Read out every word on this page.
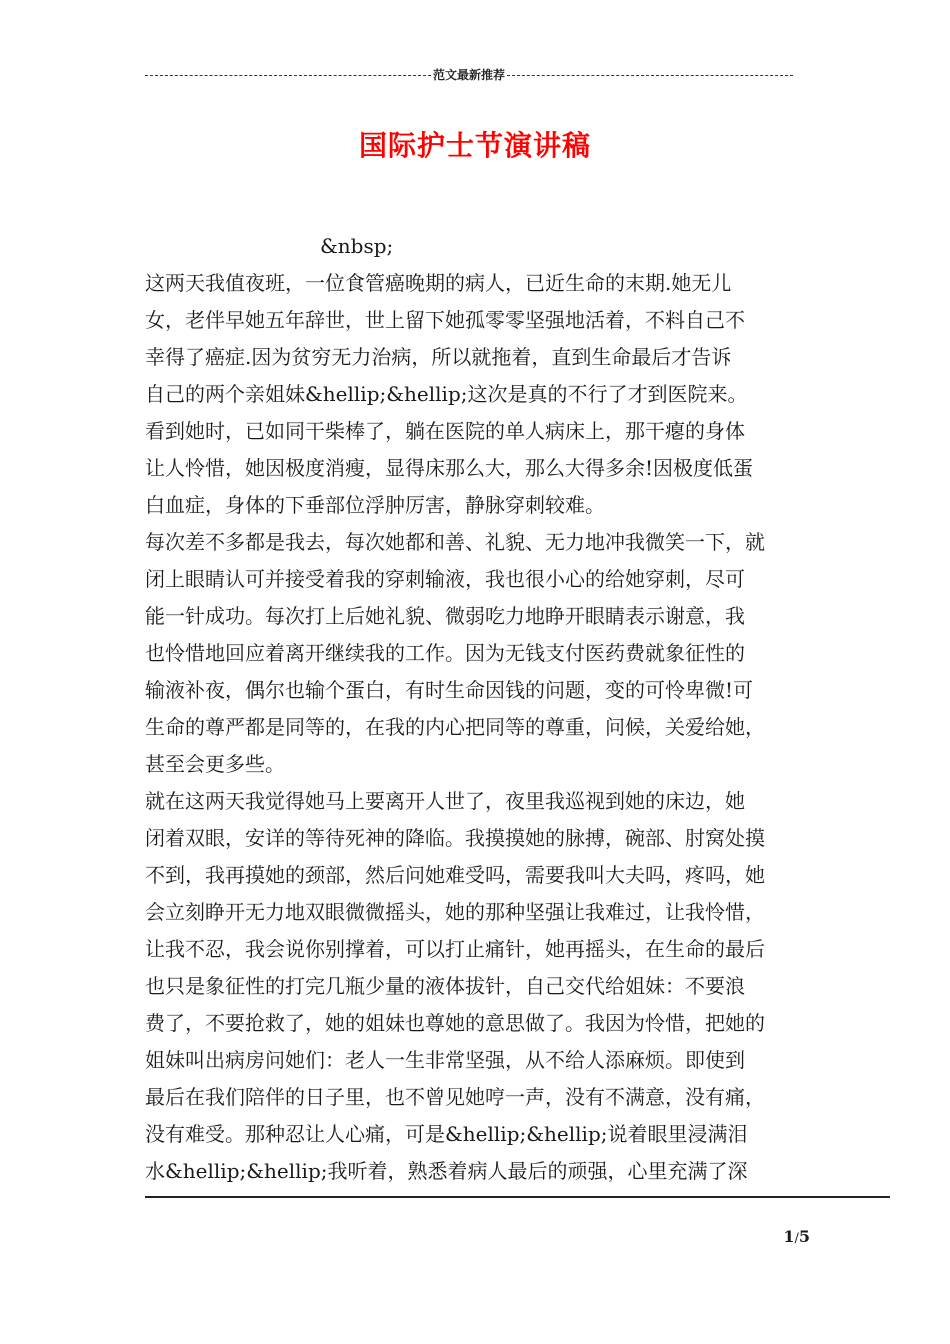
范文最新推荐
国际护士节演讲稿
&nbsp;
这两天我值夜班，一位食管癌晚期的病人，已近生命的末期.她无儿
女，老伴早她五年辞世，世上留下她孤零零坚强地活着，不料自己不
幸得了癌症.因为贫穷无力治病，所以就拖着，直到生命最后才告诉
自己的两个亲姐妹&hellip;&hellip;这次是真的不行了才到医院来。
看到她时，已如同干柴棒了，躺在医院的单人病床上，那干瘪的身体
让人怜惜，她因极度消瘦，显得床那么大，那么大得多余!因极度低蛋
白血症，身体的下垂部位浮肿厉害，静脉穿刺较难。
每次差不多都是我去，每次她都和善、礼貌、无力地冲我微笑一下，就
闭上眼睛认可并接受着我的穿刺输液，我也很小心的给她穿刺，尽可
能一针成功。每次打上后她礼貌、微弱吃力地睁开眼睛表示谢意，我
也怜惜地回应着离开继续我的工作。因为无钱支付医药费就象征性的
输液补夜，偶尔也输个蛋白，有时生命因钱的问题，变的可怜卑微!可
生命的尊严都是同等的，在我的内心把同等的尊重，问候，关爱给她，
甚至会更多些。
就在这两天我觉得她马上要离开人世了，夜里我巡视到她的床边，她
闭着双眼，安详的等待死神的降临。我摸摸她的脉搏，碗部、肘窝处摸
不到，我再摸她的颈部，然后问她难受吗，需要我叫大夫吗，疼吗，她
会立刻睁开无力地双眼微微摇头，她的那种坚强让我难过，让我怜惜，
让我不忍，我会说你别撑着，可以打止痛针，她再摇头，在生命的最后
也只是象征性的打完几瓶少量的液体拔针，自己交代给姐妹：不要浪
费了，不要抢救了，她的姐妹也尊她的意思做了。我因为怜惜，把她的
姐妹叫出病房问她们：老人一生非常坚强，从不给人添麻烦。即使到
最后在我们陪伴的日子里，也不曾见她哼一声，没有不满意，没有痛，
没有难受。那种忍让人心痛，可是&hellip;&hellip;说着眼里浸满泪
水&hellip;&hellip;我听着，熟悉着病人最后的顽强，心里充满了深
1/5
